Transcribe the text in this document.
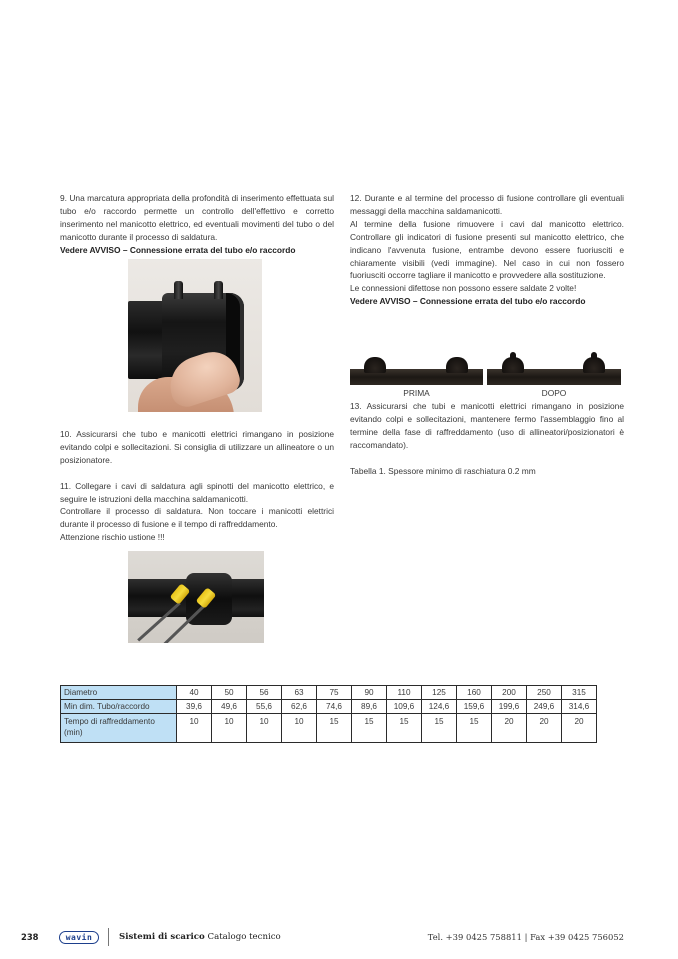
9. Una marcatura appropriata della profondità di inserimento effettuata sul tubo e/o raccordo permette un controllo dell'effettivo e corretto inserimento nel manicotto elettrico, ed eventuali movimenti del tubo o del manicotto durante il processo di saldatura.

Vedere AVVISO – Connessione errata del tubo e/o raccordo

10. Assicurarsi che tubo e manicotti elettrici rimangano in posizione evitando colpi e sollecitazioni. Si consiglia di utilizzare un allineatore o un posizionatore.

11. Collegare i cavi di saldatura agli spinotti del manicotto elettrico, e seguire le istruzioni della macchina saldamanicotti.

Controllare il processo di saldatura. Non toccare i manicotti elettrici durante il processo di fusione e il tempo di raffreddamento.

Attenzione rischio ustione !!!

12. Durante e al termine del processo di fusione controllare gli eventuali messaggi della macchina saldamanicotti.

Al termine della fusione rimuovere i cavi dal manicotto elettrico. Controllare gli indicatori di fusione presenti sul manicotto elettrico, che indicano l'avvenuta fusione, entrambe devono essere fuoriusciti e chiaramente visibili (vedi immagine). Nel caso in cui non fossero fuoriusciti occorre tagliare il manicotto e provvedere alla sostituzione.

Le connessioni difettose non possono essere saldate 2 volte!

Vedere AVVISO – Connessione errata del tubo e/o raccordo

PRIMA	DOPO

13. Assicurarsi che tubi e manicotti elettrici rimangano in posizione evitando colpi e sollecitazioni, mantenere fermo l'assemblaggio fino al termine della fase di raffreddamento (uso di allineatori/posizionatori è raccomandato).

Tabella 1. Spessore minimo di raschiatura 0.2 mm

Diametro	40	50	56	63	75	90	110	125	160	200	250	315
Min dim. Tubo/raccordo	39,6	49,6	55,6	62,6	74,6	89,6	109,6	124,6	159,6	199,6	249,6	314,6
Tempo di raffreddamento (min)	10	10	10	10	15	15	15	15	15	20	20	20
238	wavin	Sistemi di scarico Catalogo tecnico	Tel. +39 0425 758811 | Fax +39 0425 756052
